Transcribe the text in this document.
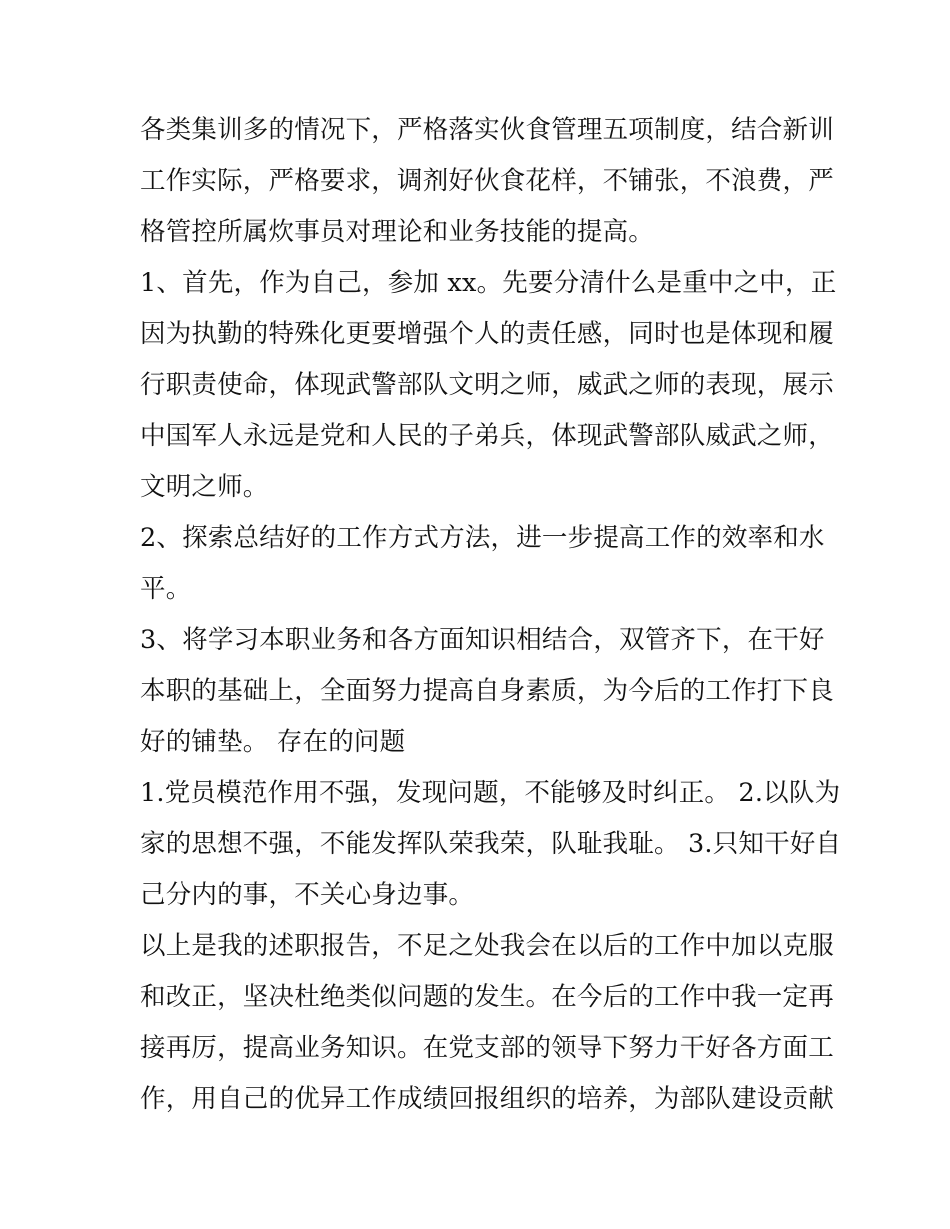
各类集训多的情况下，严格落实伙食管理五项制度，结合新训
工作实际，严格要求，调剂好伙食花样，不铺张，不浪费，严
格管控所属炊事员对理论和业务技能的提高。
1、首先，作为自己，参加 xx。先要分清什么是重中之中，正
因为执勤的特殊化更要增强个人的责任感，同时也是体现和履
行职责使命，体现武警部队文明之师，威武之师的表现，展示
中国军人永远是党和人民的子弟兵，体现武警部队威武之师，
文明之师。
2、探索总结好的工作方式方法，进一步提高工作的效率和水
平。
3、将学习本职业务和各方面知识相结合，双管齐下，在干好
本职的基础上，全面努力提高自身素质，为今后的工作打下良
好的铺垫。 存在的问题
1.党员模范作用不强，发现问题，不能够及时纠正。 2.以队为
家的思想不强，不能发挥队荣我荣，队耻我耻。 3.只知干好自
己分内的事，不关心身边事。
以上是我的述职报告，不足之处我会在以后的工作中加以克服
和改正，坚决杜绝类似问题的发生。在今后的工作中我一定再
接再厉，提高业务知识。在党支部的领导下努力干好各方面工
作，用自己的优异工作成绩回报组织的培养，为部队建设贡献
